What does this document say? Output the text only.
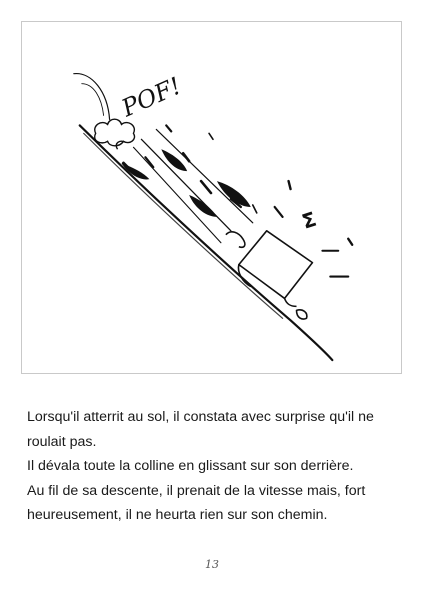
Σ
POF!

Lorsqu'il atterrit au sol, il constata avec surprise qu'il ne roulait pas.

Il dévala toute la colline en glissant sur son derrière.

Au fil de sa descente, il prenait de la vitesse mais, fort heureusement, il ne heurta rien sur son chemin.

13
